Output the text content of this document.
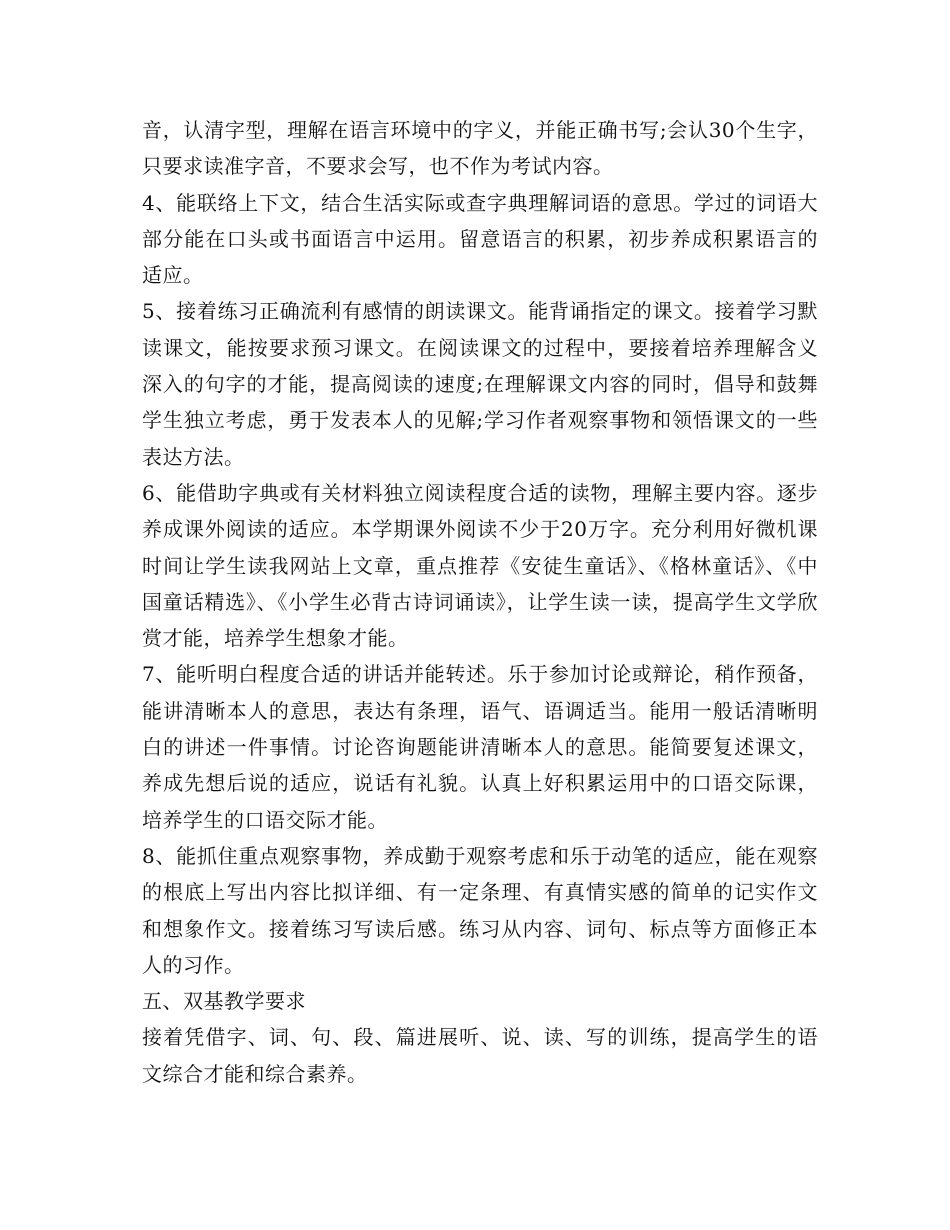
音，认清字型，理解在语言环境中的字义，并能正确书写;会认30个生字，只要求读准字音，不要求会写，也不作为考试内容。

4、能联络上下文，结合生活实际或查字典理解词语的意思。学过的词语大部分能在口头或书面语言中运用。留意语言的积累，初步养成积累语言的适应。

5、接着练习正确流利有感情的朗读课文。能背诵指定的课文。接着学习默读课文，能按要求预习课文。在阅读课文的过程中，要接着培养理解含义深入的句字的才能，提高阅读的速度;在理解课文内容的同时，倡导和鼓舞学生独立考虑，勇于发表本人的见解;学习作者观察事物和领悟课文的一些表达方法。

6、能借助字典或有关材料独立阅读程度合适的读物，理解主要内容。逐步养成课外阅读的适应。本学期课外阅读不少于20万字。充分利用好微机课时间让学生读我网站上文章，重点推荐《安徒生童话》、《格林童话》、《中国童话精选》、《小学生必背古诗词诵读》，让学生读一读，提高学生文学欣赏才能，培养学生想象才能。

7、能听明白程度合适的讲话并能转述。乐于参加讨论或辩论，稍作预备，能讲清晰本人的意思，表达有条理，语气、语调适当。能用一般话清晰明白的讲述一件事情。讨论咨询题能讲清晰本人的意思。能简要复述课文，养成先想后说的适应，说话有礼貌。认真上好积累运用中的口语交际课，培养学生的口语交际才能。

8、能抓住重点观察事物，养成勤于观察考虑和乐于动笔的适应，能在观察的根底上写出内容比拟详细、有一定条理、有真情实感的简单的记实作文和想象作文。接着练习写读后感。练习从内容、词句、标点等方面修正本人的习作。

五、双基教学要求

接着凭借字、词、句、段、篇进展听、说、读、写的训练，提高学生的语文综合才能和综合素养。
